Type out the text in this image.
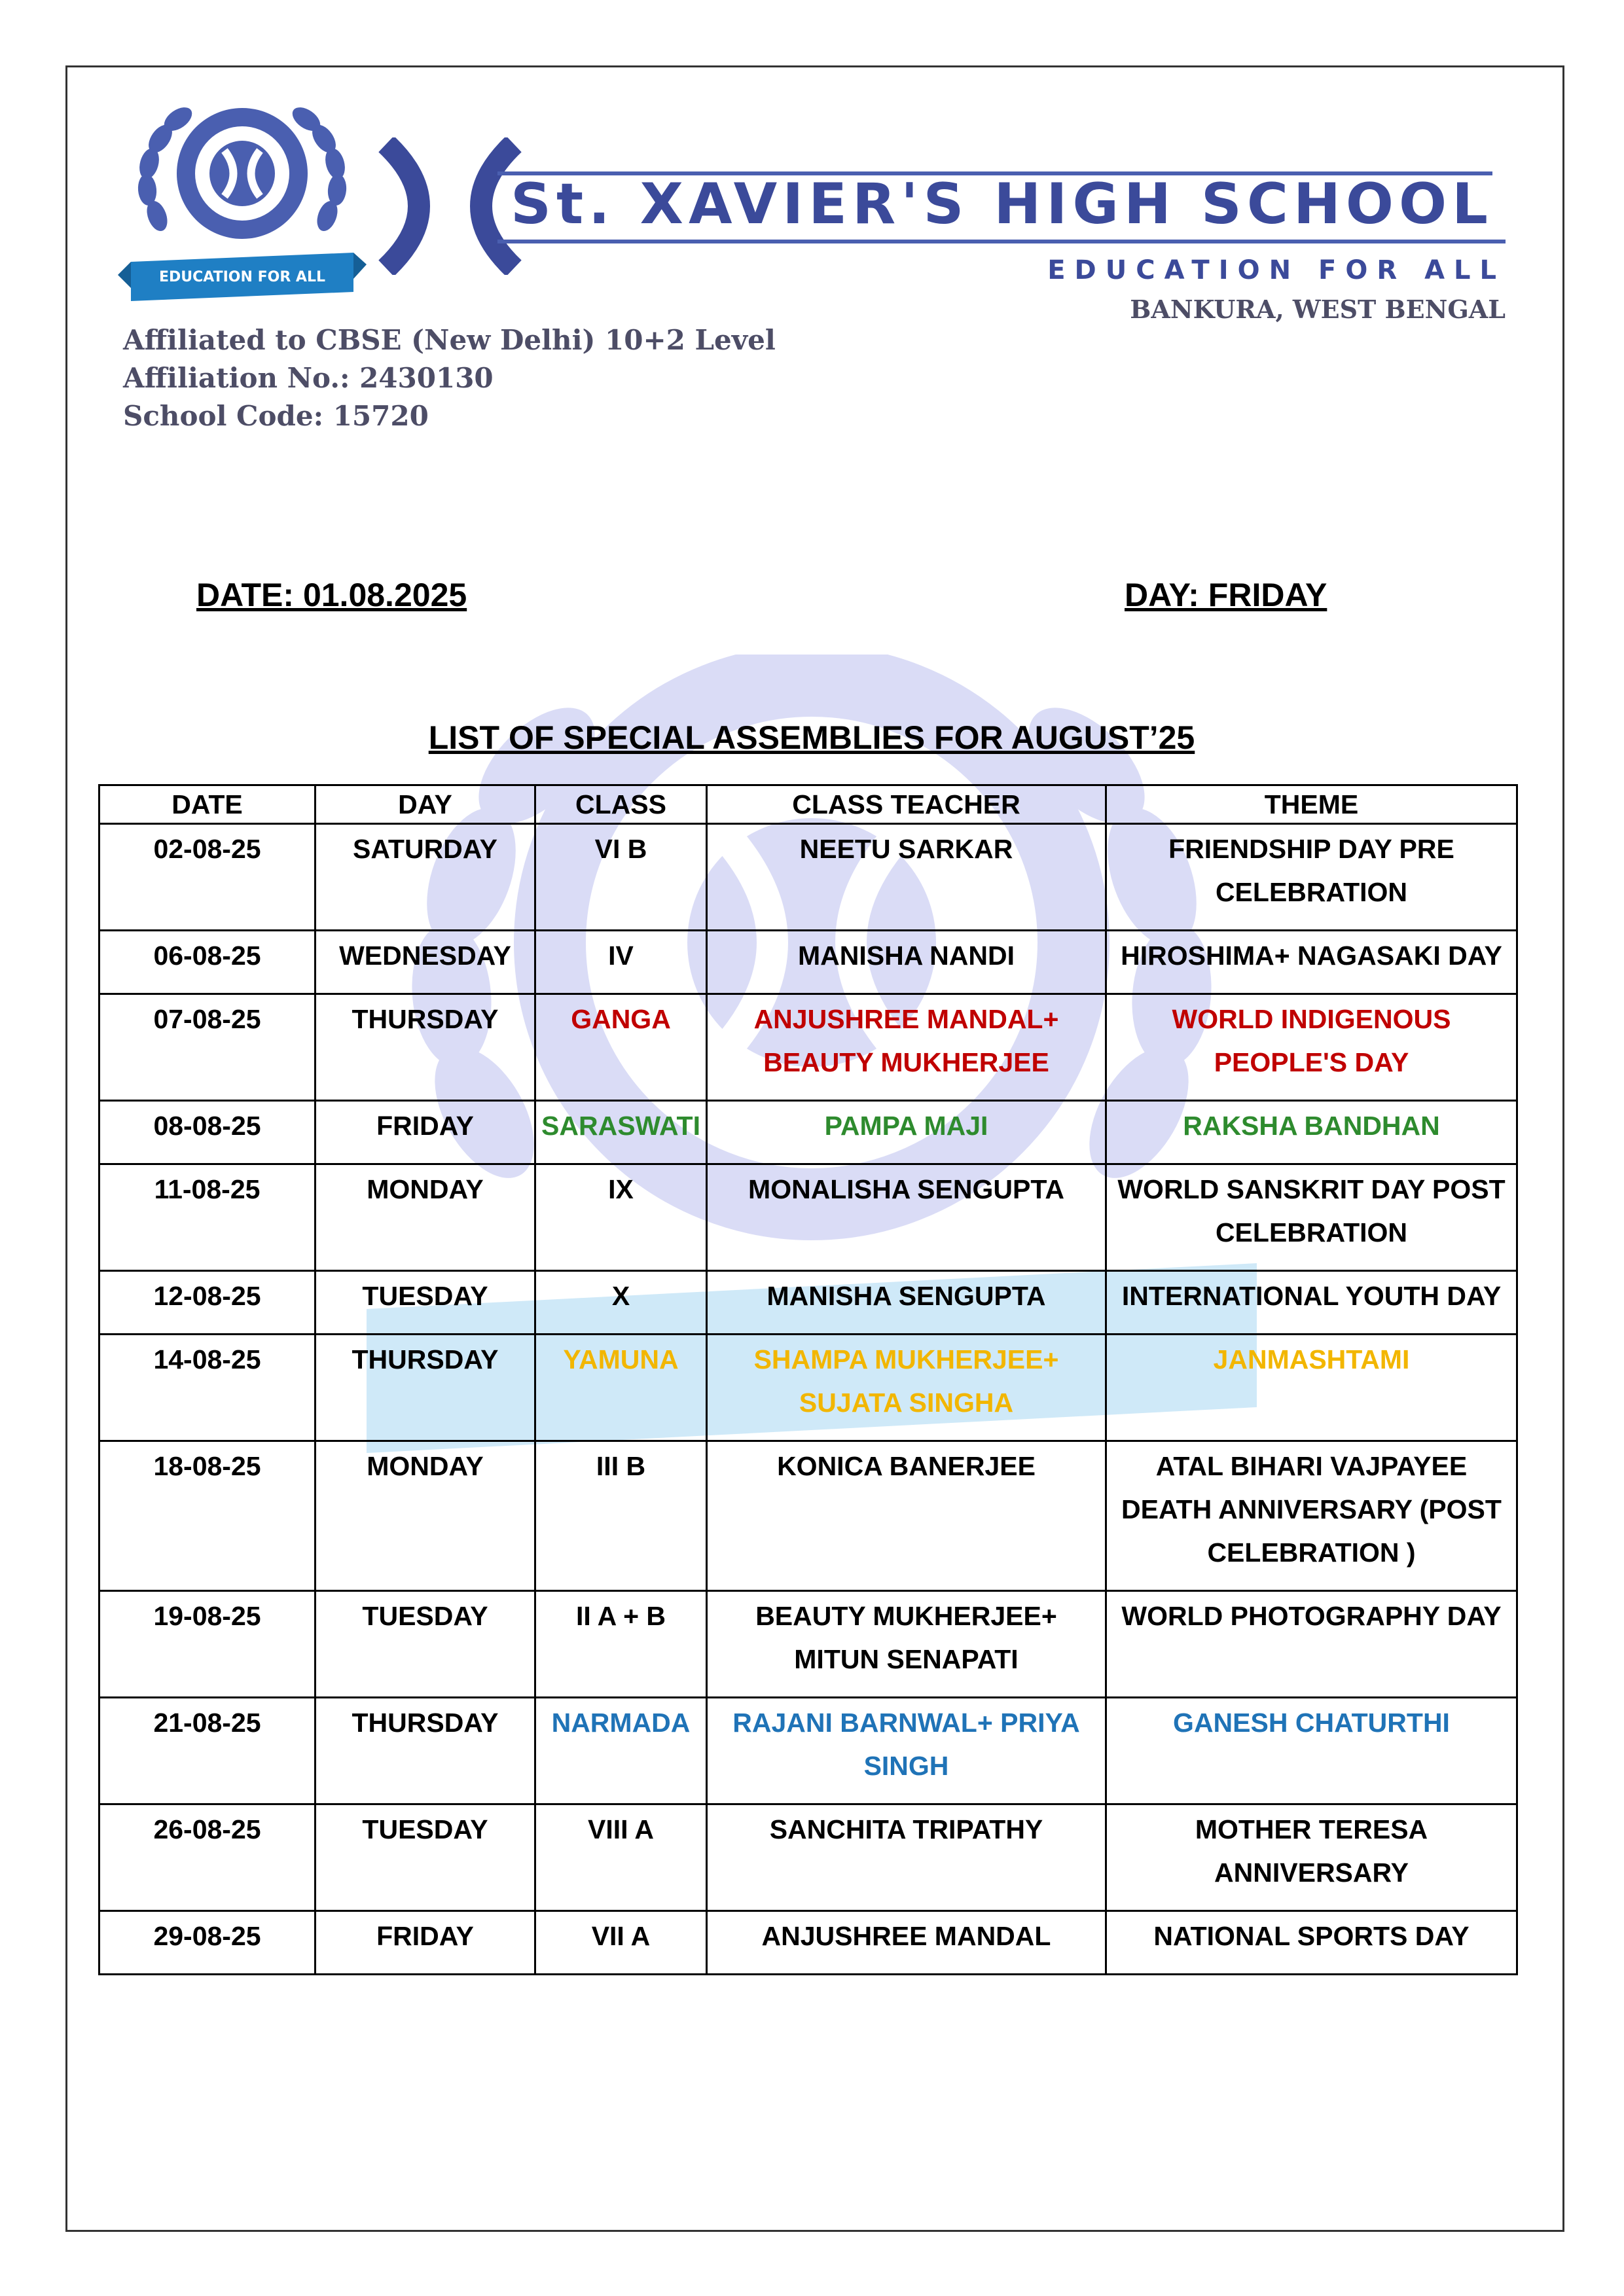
EDUCATION FOR ALL
St. XAVIER'S HIGH SCHOOL
EDUCATION FOR ALL
BANKURA, WEST BENGAL
Affiliated to CBSE (New Delhi) 10+2 Level
Affiliation No.: 2430130
School Code: 15720
DATE: 01.08.2025	DAY: FRIDAY
LIST OF SPECIAL ASSEMBLIES FOR AUGUST’25
DATE	DAY	CLASS	CLASS TEACHER	THEME
02-08-25	SATURDAY	VI B	NEETU SARKAR	FRIENDSHIP DAY PRE CELEBRATION
06-08-25	WEDNESDAY	IV	MANISHA NANDI	HIROSHIMA+ NAGASAKI DAY
07-08-25	THURSDAY	GANGA	ANJUSHREE MANDAL+ BEAUTY MUKHERJEE	WORLD INDIGENOUS PEOPLE'S DAY
08-08-25	FRIDAY	SARASWATI	PAMPA MAJI	RAKSHA BANDHAN
11-08-25	MONDAY	IX	MONALISHA SENGUPTA	WORLD SANSKRIT DAY POST CELEBRATION
12-08-25	TUESDAY	X	MANISHA SENGUPTA	INTERNATIONAL YOUTH DAY
14-08-25	THURSDAY	YAMUNA	SHAMPA MUKHERJEE+ SUJATA SINGHA	JANMASHTAMI
18-08-25	MONDAY	III B	KONICA BANERJEE	ATAL BIHARI VAJPAYEE DEATH ANNIVERSARY (POST CELEBRATION )
19-08-25	TUESDAY	II A + B	BEAUTY MUKHERJEE+ MITUN SENAPATI	WORLD PHOTOGRAPHY DAY
21-08-25	THURSDAY	NARMADA	RAJANI BARNWAL+ PRIYA SINGH	GANESH CHATURTHI
26-08-25	TUESDAY	VIII A	SANCHITA TRIPATHY	MOTHER TERESA ANNIVERSARY
29-08-25	FRIDAY	VII A	ANJUSHREE MANDAL	NATIONAL SPORTS DAY
